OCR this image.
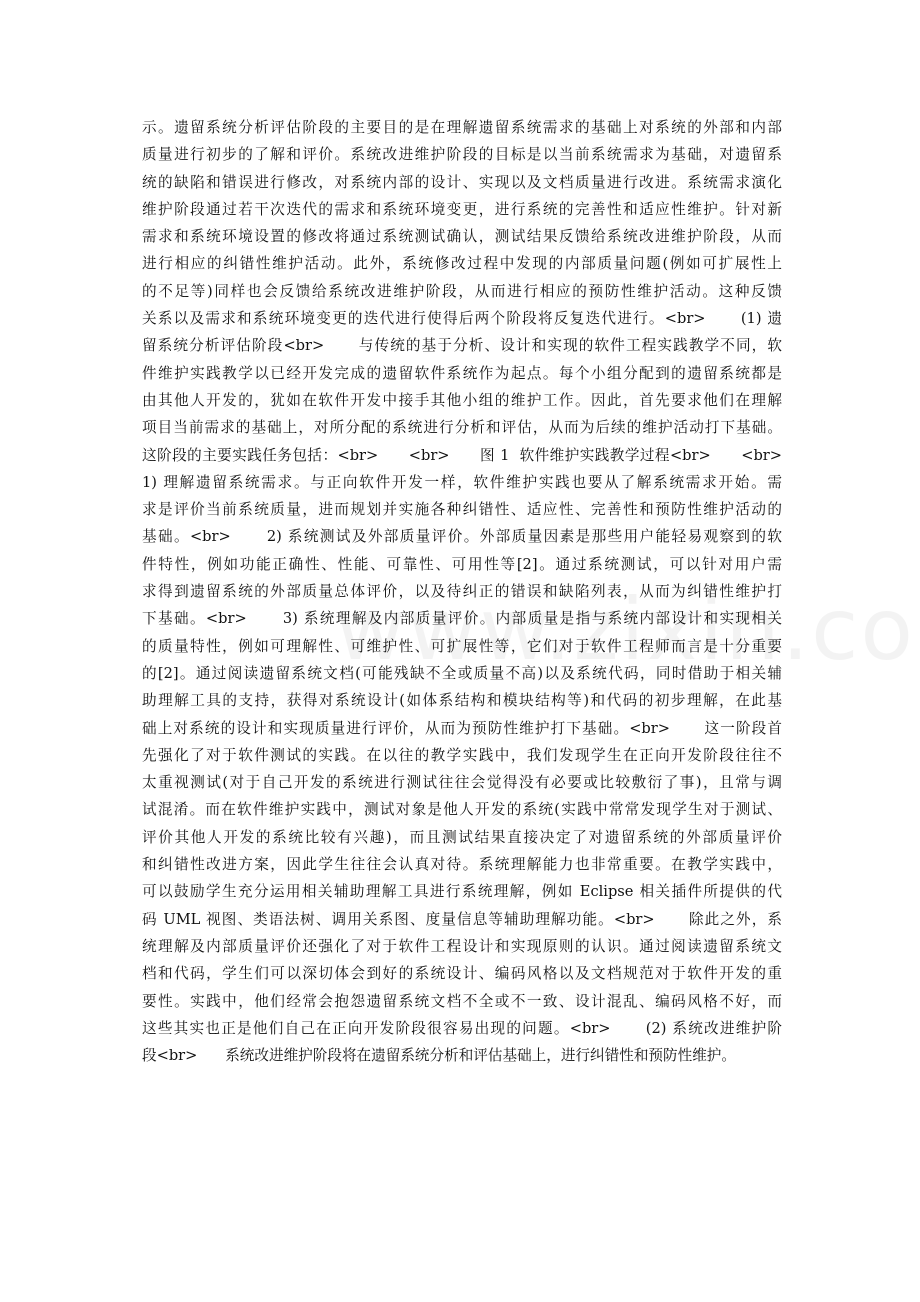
示。遗留系统分析评估阶段的主要目的是在理解遗留系统需求的基础上对系统的外部和内部
质量进行初步的了解和评价。系统改进维护阶段的目标是以当前系统需求为基础，对遗留系
统的缺陷和错误进行修改，对系统内部的设计、实现以及文档质量进行改进。系统需求演化
维护阶段通过若干次迭代的需求和系统环境变更，进行系统的完善性和适应性维护。针对新
需求和系统环境设置的修改将通过系统测试确认，测试结果反馈给系统改进维护阶段，从而
进行相应的纠错性维护活动。此外，系统修改过程中发现的内部质量问题(例如可扩展性上
的不足等)同样也会反馈给系统改进维护阶段，从而进行相应的预防性维护活动。这种反馈
关系以及需求和系统环境变更的迭代进行使得后两个阶段将反复迭代进行。<br>      (1) 遗
留系统分析评估阶段<br>      与传统的基于分析、设计和实现的软件工程实践教学不同，软
件维护实践教学以已经开发完成的遗留软件系统作为起点。每个小组分配到的遗留系统都是
由其他人开发的，犹如在软件开发中接手其他小组的维护工作。因此，首先要求他们在理解
项目当前需求的基础上，对所分配的系统进行分析和评估，从而为后续的维护活动打下基础。
这阶段的主要实践任务包括：<br>      <br>      图 1  软件维护实践教学过程<br>      <br>
1) 理解遗留系统需求。与正向软件开发一样，软件维护实践也要从了解系统需求开始。需
求是评价当前系统质量，进而规划并实施各种纠错性、适应性、完善性和预防性维护活动的
基础。<br>      2) 系统测试及外部质量评价。外部质量因素是那些用户能轻易观察到的软
件特性，例如功能正确性、性能、可靠性、可用性等[2]。通过系统测试，可以针对用户需
求得到遗留系统的外部质量总体评价，以及待纠正的错误和缺陷列表，从而为纠错性维护打
下基础。<br>      3) 系统理解及内部质量评价。内部质量是指与系统内部设计和实现相关
的质量特性，例如可理解性、可维护性、可扩展性等，它们对于软件工程师而言是十分重要
的[2]。通过阅读遗留系统文档(可能残缺不全或质量不高)以及系统代码，同时借助于相关辅
助理解工具的支持，获得对系统设计(如体系结构和模块结构等)和代码的初步理解，在此基
础上对系统的设计和实现质量进行评价，从而为预防性维护打下基础。<br>      这一阶段首
先强化了对于软件测试的实践。在以往的教学实践中，我们发现学生在正向开发阶段往往不
太重视测试(对于自己开发的系统进行测试往往会觉得没有必要或比较敷衍了事)，且常与调
试混淆。而在软件维护实践中，测试对象是他人开发的系统(实践中常常发现学生对于测试、
评价其他人开发的系统比较有兴趣)，而且测试结果直接决定了对遗留系统的外部质量评价
和纠错性改进方案，因此学生往往会认真对待。系统理解能力也非常重要。在教学实践中，
可以鼓励学生充分运用相关辅助理解工具进行系统理解，例如 Eclipse 相关插件所提供的代
码 UML 视图、类语法树、调用关系图、度量信息等辅助理解功能。<br>      除此之外，系
统理解及内部质量评价还强化了对于软件工程设计和实现原则的认识。通过阅读遗留系统文
档和代码，学生们可以深切体会到好的系统设计、编码风格以及文档规范对于软件开发的重
要性。实践中，他们经常会抱怨遗留系统文档不全或不一致、设计混乱、编码风格不好，而
这些其实也正是他们自己在正向开发阶段很容易出现的问题。<br>      (2) 系统改进维护阶
段<br>      系统改进维护阶段将在遗留系统分析和评估基础上，进行纠错性和预防性维护。
